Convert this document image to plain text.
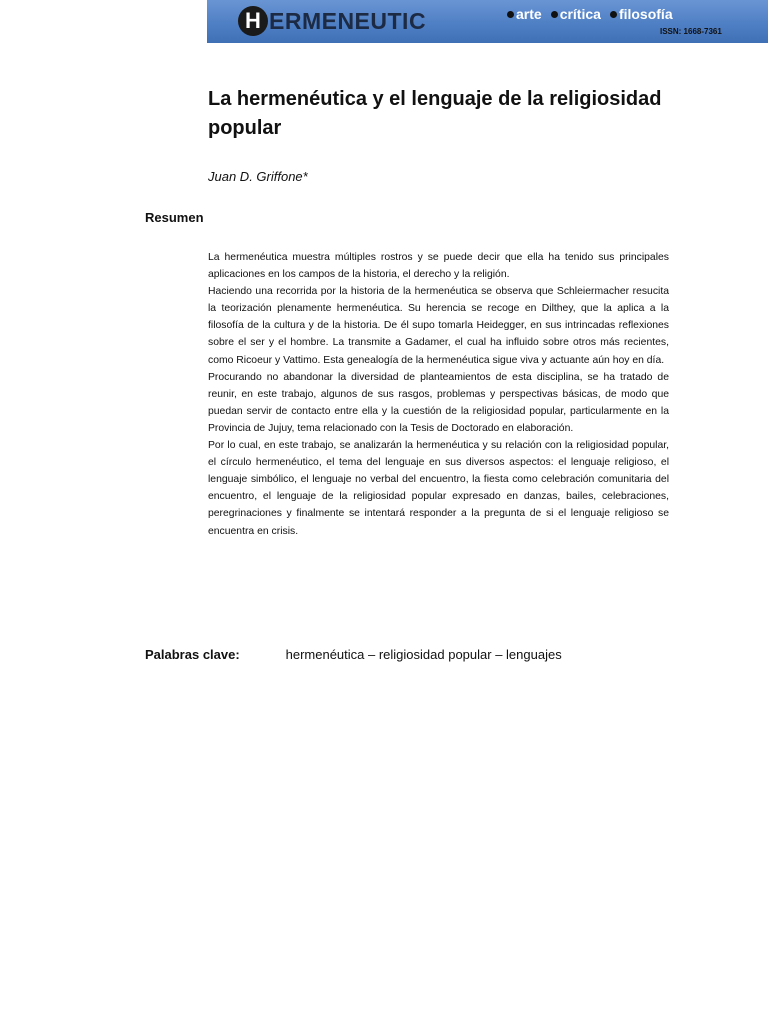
H ERMENEUTIC	arte crítica filosofía
ISSN: 1668-7361
La hermenéutica y el lenguaje de la religiosidad popular
Juan D. Griffone*
Resumen

La hermenéutica muestra múltiples rostros y se puede decir que ella ha tenido sus principales aplicaciones en los campos de la historia, el derecho y la religión.

Haciendo una recorrida por la historia de la hermenéutica se observa que Schleiermacher resucita la teorización plenamente hermenéutica. Su herencia se recoge en Dilthey, que la aplica a la filosofía de la cultura y de la historia. De él supo tomarla Heidegger, en sus intrincadas reflexiones sobre el ser y el hombre. La transmite a Gadamer, el cual ha influido sobre otros más recientes, como Ricoeur y Vattimo. Esta genealogía de la hermenéutica sigue viva y actuante aún hoy en día.

Procurando no abandonar la diversidad de planteamientos de esta disciplina, se ha tratado de reunir, en este trabajo, algunos de sus rasgos, problemas y perspectivas básicas, de modo que puedan servir de contacto entre ella y la cuestión de la religiosidad popular, particularmente en la Provincia de Jujuy, tema relacionado con la Tesis de Doctorado en elaboración.

Por lo cual, en este trabajo, se analizarán la hermenéutica y su relación con la religiosidad popular, el círculo hermenéutico, el tema del lenguaje en sus diversos aspectos: el lenguaje religioso, el lenguaje simbólico, el lenguaje no verbal del encuentro, la fiesta como celebración comunitaria del encuentro, el lenguaje de la religiosidad popular expresado en danzas, bailes, celebraciones, peregrinaciones y finalmente se intentará responder a la pregunta de si el lenguaje religioso se encuentra en crisis.

Palabras clave:	hermenéutica – religiosidad popular – lenguajes
